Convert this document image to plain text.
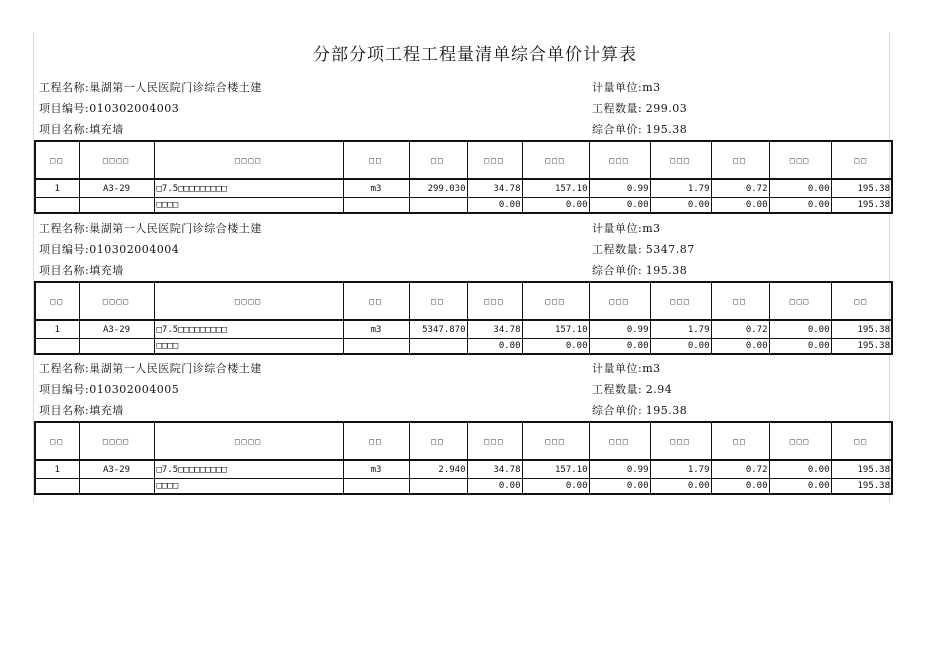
分部分项工程工程量清单综合单价计算表
工程名称:巢湖第一人民医院门诊综合楼土建	计量单位:m3
项目编号:010302004003	工程数量: 299.03
项目名称:填充墙	综合单价: 195.38
□□	□□□□	□□□□	□□	□□	□□□	□□□	□□□	□□□	□□	□□□	□□
1	A3-29	□7.5□□□□□□□□□	m3	299.030	34.78	157.10	0.99	1.79	0.72	0.00	195.38
		□□□□			0.00	0.00	0.00	0.00	0.00	0.00	195.38
工程名称:巢湖第一人民医院门诊综合楼土建	计量单位:m3
项目编号:010302004004	工程数量: 5347.87
项目名称:填充墙	综合单价: 195.38
□□	□□□□	□□□□	□□	□□	□□□	□□□	□□□	□□□	□□	□□□	□□
1	A3-29	□7.5□□□□□□□□□	m3	5347.870	34.78	157.10	0.99	1.79	0.72	0.00	195.38
		□□□□			0.00	0.00	0.00	0.00	0.00	0.00	195.38
工程名称:巢湖第一人民医院门诊综合楼土建	计量单位:m3
项目编号:010302004005	工程数量: 2.94
项目名称:填充墙	综合单价: 195.38
□□	□□□□	□□□□	□□	□□	□□□	□□□	□□□	□□□	□□	□□□	□□
1	A3-29	□7.5□□□□□□□□□	m3	2.940	34.78	157.10	0.99	1.79	0.72	0.00	195.38
		□□□□			0.00	0.00	0.00	0.00	0.00	0.00	195.38
